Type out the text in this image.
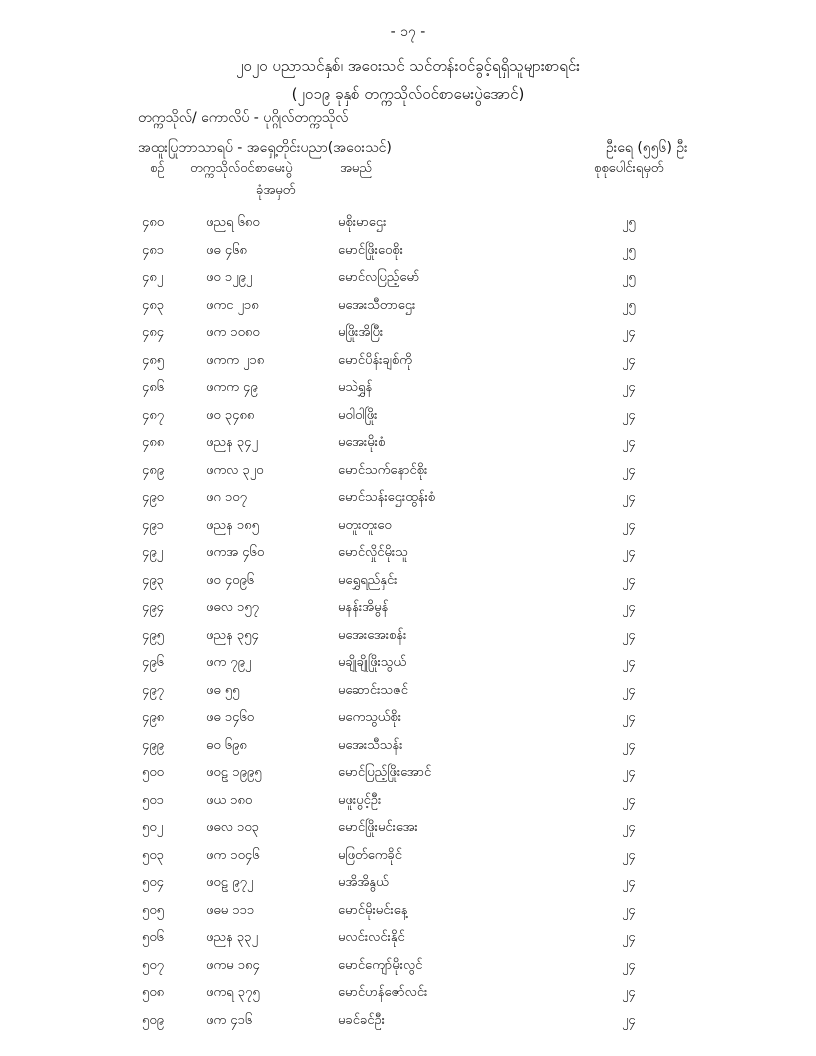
- ၁၇ -
၂၀၂၀ ပညာသင်နှစ်၊ အဝေးသင် သင်တန်းဝင်ခွင့်ရရှိသူများစာရင်း
(၂၀၁၉ ခုနှစ် တက္ကသိုလ်ဝင်စာမေးပွဲအောင်)
တက္ကသိုလ်/ ကောလိပ် - ပုဂ္ဂိုလ်တက္ကသိုလ်
အထူးပြုဘာသာရပ် - အရှေ့တိုင်းပညာ(အဝေးသင်)	ဦးရေ (၅၅၆) ဦး
စဉ် တက္ကသိုလ်ဝင်စာမေးပွဲ
ခုံအမှတ်
အမည်	စုစုပေါင်းရမှတ်
၄၈၀	ဖညရ ၆၈၀	မစိုးမာဌေး	၂၅
၄၈၁	ဖဓ ၄၆၈	မောင်ဖြိုးဝေစိုး	၂၅
၄၈၂	ဖဝ ၁၂၉၂	မောင်လပြည့်မော်	၂၅
၄၈၃	ဖကင ၂၁၈	မအေးသီတာဌေး	၂၅
၄၈၄	ဖက ၁၀၈၀	မဖြိုးအိပြီး	၂၄
၄၈၅	ဖကက ၂၁၈	မောင်ပိန်းချစ်ကို	၂၄
၄၈၆	ဖကက ၄၉	မသဲရွှန်	၂၄
၄၈၇	ဖဝ ၃၄၈၈	မဝါဝါဖြိုး	၂၄
၄၈၈	ဖညန ၃၄၂	မအေးမိုးစံ	၂၄
၄၈၉	ဖကလ ၃၂၀	မောင်သက်နောင်စိုး	၂၄
၄၉၀	ဖဂ ၁၀၇	မောင်သန်းဌေးထွန်းစံ	၂၄
၄၉၁	ဖညန ၁၈၅	မတူးတူးဝေ	၂၄
၄၉၂	ဖကအ ၄၆၀	မောင်လှိုင်မိုးသူ	၂၄
၄၉၃	ဖဝ ၄၀၉၆	မရွှေရည်နှင်း	၂၄
၄၉၄	ဖဓလ ၁၅၇	မနန်းအိမွန်	၂၄
၄၉၅	ဖညန ၃၅၄	မအေးအေးစန်း	၂၄
၄၉၆	ဖက ၇၉၂	မချိုချိုဖြိုးသွယ်	၂၄
၄၉၇	ဖဓ ၅၅	မဆောင်းသဇင်	၂၄
၄၉၈	ဖဓ ၁၄၆၀	မကေသွယ်စိုး	၂၄
၄၉၉	ဓဝ ၆၉၈	မအေးသီသန်း	၂၄
၅၀၀	ဖဝဠ ၁၉၉၅	မောင်ပြည့်ဖြိုးအောင်	၂၄
၅၀၁	ဖယ ၁၈၀	မဖူးပွင့်ဦး	၂၄
၅၀၂	ဖဓလ ၁၀၃	မောင်ဖြိုးမင်းအေး	၂၄
၅၀၃	ဖက ၁၀၄၆	မဖြတ်ကေခိုင်	၂၄
၅၀၄	ဖဝဠ ၉၇၂	မအိအိနွယ်	၂၄
၅၀၅	ဖဓမ ၁၁၁	မောင်မိုးမင်းနေ့	၂၄
၅၀၆	ဖညန ၃၃၂	မလင်းလင်းနိုင်	၂၄
၅၀၇	ဖကမ ၁၈၄	မောင်ကျော်မိုးလွင်	၂၄
၅၀၈	ဖကရ ၃၇၅	မောင်ဟန်ဇော်လင်း	၂၄
၅၀၉	ဖက ၄၁၆	မခင်ခင်ဦး	၂၄
